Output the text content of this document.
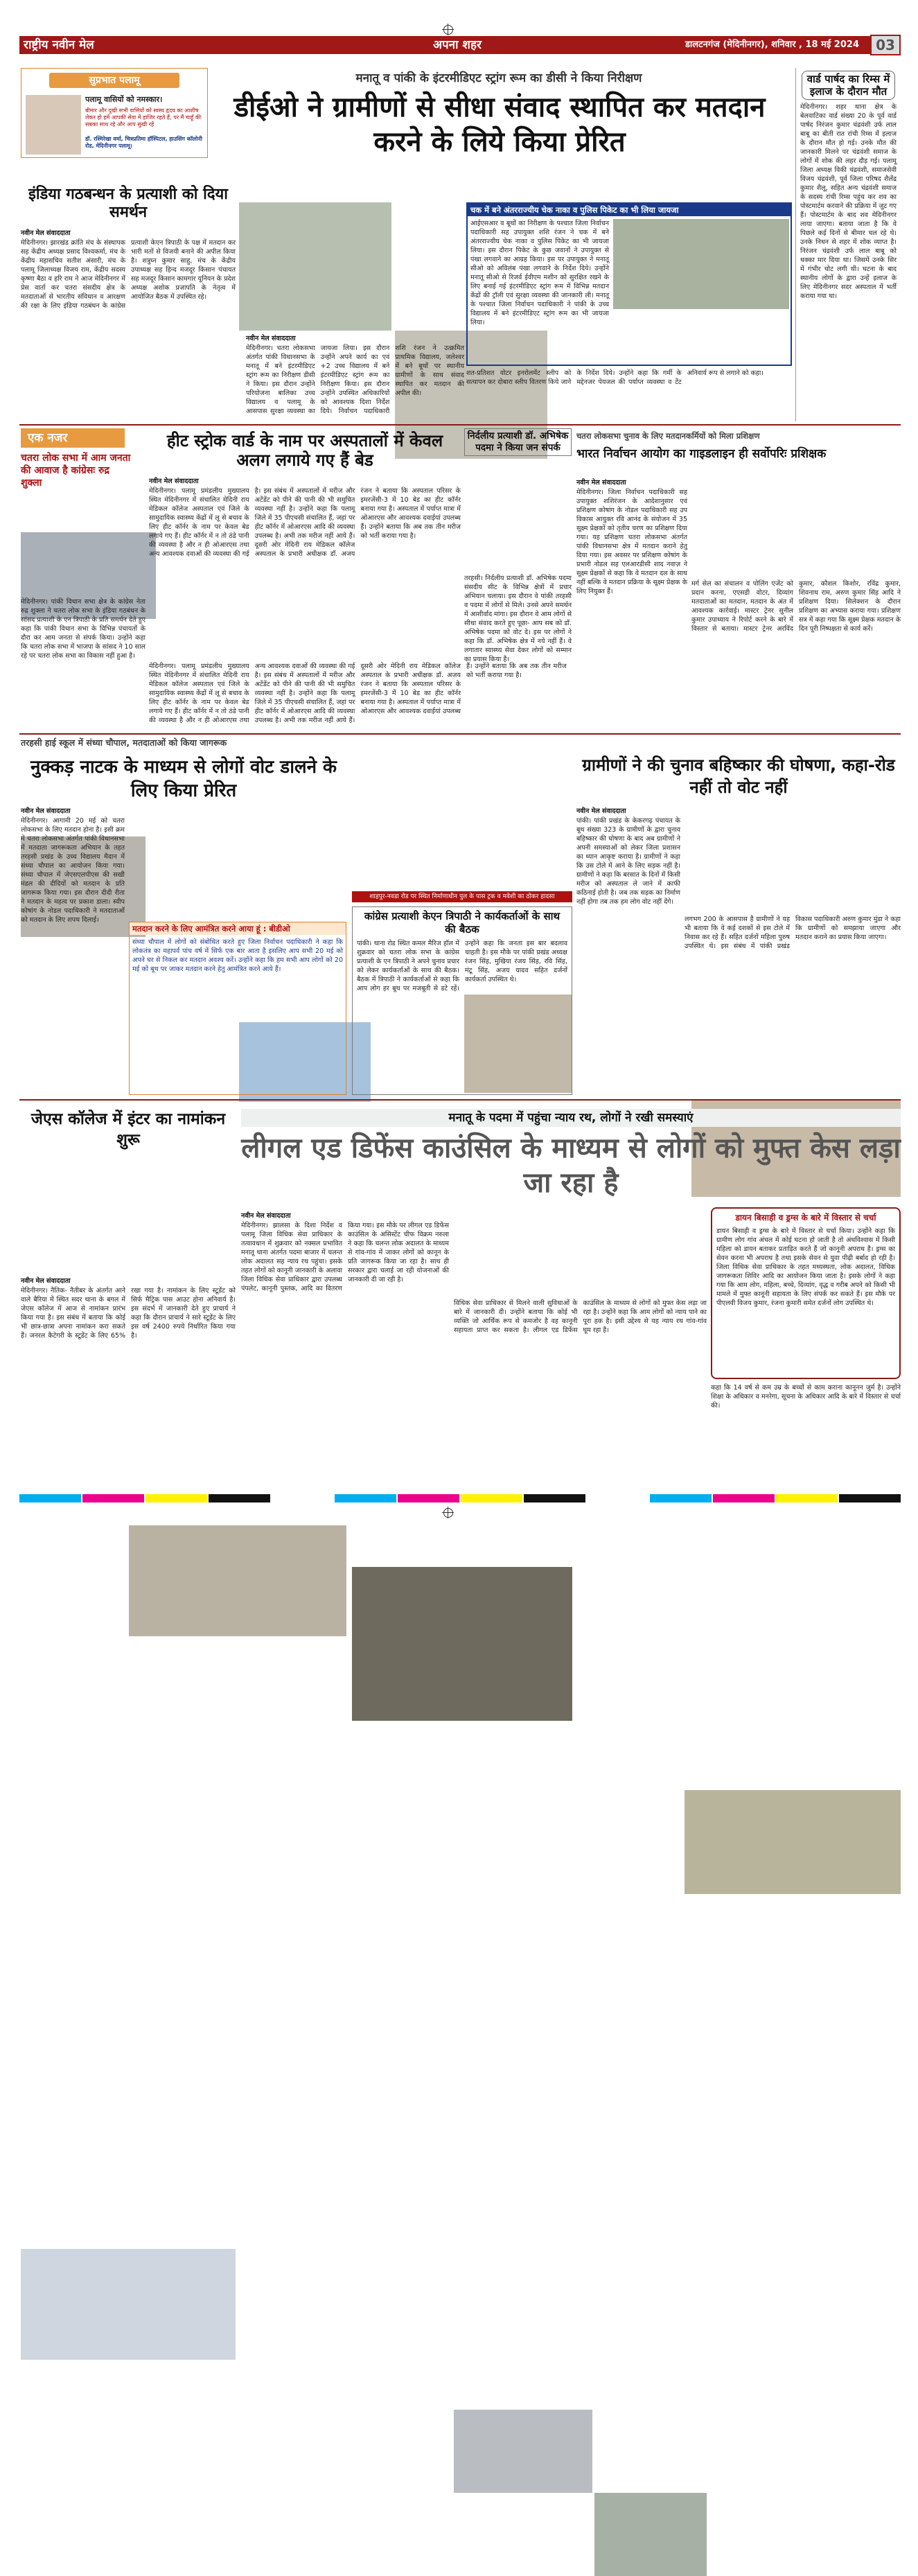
राष्ट्रीय नवीन मेल	अपना शहर	डालटनगंज (मेदिनीनगर), शनिवार , 18 मई 2024	03
सुप्रभात पलामू
पलामू वासियों को नमस्कार।
बीमार और दुखी सभी वासियों को स्वस्थ हृदय का आशीष लेकर हो हमें आपकी सेवा में हाजिर रहते हैं, पर मैं चाहूँ की सबका साथ रहे और आप सुखी रहें
डॉ. रश्मिरेखा वर्मा, चित्रप्रतिमा हॉस्पिटल, हाउसिंग कॉलोनी रोड, मेदिनीनगर पलामू।
मनातू व पांकी के इंटरमीडिएट स्ट्रांग रूम का डीसी ने किया निरीक्षण
डीईओ ने ग्रामीणों से सीधा संवाद स्थापित कर मतदान करने के लिये किया प्रेरित
नवीन मेल संवाददाता
मेदिनीनगर। चतरा लोकसभा अंतर्गत पांकी विधानसभा के मनातू में बने इंटरमीडिएट स्ट्रांग रूम का निरीक्षण डीसी ने किया। इस दौरान उन्होंने परियोजना बालिका उच्च विद्यालय व पलामू के आसपास सुरक्षा व्यवस्था का जायजा लिया। इस दौरान उन्होंने अपने कार्य का एवं +2 उच्च विद्यालय में बने इंटरमीडिएट स्ट्रांग रूम का निरीक्षण किया। इस दौरान उन्होंने उपस्थित अधिकारियों को आवश्यक दिशा निर्देश दिये। निर्वाचन पदाधिकारी शशि रंजन ने उत्क्रमित प्राथमिक विद्यालय, जलेश्वर में बने बूथों पर स्थानीय ग्रामीणों के साथ संवाद स्थापित कर मतदान की अपील की।
चक में बने अंतरराज्यीय चेक नाका व पुलिस पिकेट का भी लिया जायजा
आईएसआर व बूथों का निरीक्षण के पश्चात जिला निर्वाचन पदाधिकारी सह उपायुक्त शशि रंजन ने चक में बने अंतरराज्यीय चेक नाका व पुलिस पिकेट का भी जायजा लिया। इस दौरान पिकेट के कुछ जवानों ने उपायुक्त से पंखा लगवाने का आग्रह किया। इस पर उपायुक्त ने मनातू सीओ को अविलंब पंखा लगवाने के निर्देश दिये। उन्होंने मनातू सीओ से रिजर्व ईवीएम मशीन को सुरक्षित रखने के लिए बनाई गई इंटरमीडिएट स्ट्रांग रूम में विभिन्न मतदान केंद्रों की ट्रॉली एवं सुरक्षा व्यवस्था की जानकारी ली। मनातू के पश्चात जिला निर्वाचन पदाधिकारी ने पांकी के उच्च विद्यालय में बने इंटरमीडिएट स्ट्रांग रूम का भी जायजा लिया।
शत-प्रतिशत वोटर इनरोलमेंट स्लीप को सत्यापन कर दोबारा स्लीप वितरण किये जाने के निर्देश दिये। उन्होंने कहा कि गर्मी के मद्देनजर पेयजल की पर्याप्त व्यवस्था व टेंट अनिवार्य रूप से लगाने को कहा।
वार्ड पार्षद का रिम्स में इलाज के दौरान मौत
मेदिनीनगर। शहर थाना क्षेत्र के बेलवाटिका वार्ड संख्या 20 के पूर्व वार्ड पार्षद निरंजन कुमार चंद्रवंशी उर्फ लाल बाबू का बीती रात रांची रिम्स में इलाज के दौरान मौत हो गई। उनके मौत की जानकारी मिलने पर चंद्रवंशी समाज के लोगों में शोक की लहर दौड़ गई। पलामू जिला अध्यक्ष विकी चंद्रवंशी, समाजसेवी विजय चंद्रवंशी, पूर्व जिला परिषद शैलेंद्र कुमार शैलू, सहित अन्य चंद्रवंशी समाज के सदस्य रांची रिम्स पहुंच कर शव का पोस्टमार्टम करवाने की प्रक्रिया में जुट गए हैं। पोस्टमार्टम के बाद शव मेदिनीनगर लाया जाएगा। बताया जाता है कि वे पिछले कई दिनों से बीमार चल रहे थे। उनके निधन से शहर में शोक व्याप्त है। निरंजन चंद्रवंशी उर्फ लाल बाबू को धक्का मार दिया था। जिसमें उनके सिर में गंभीर चोट लगी थी। घटना के बाद स्थानीय लोगों के द्वारा उन्हें इलाज के लिए मेदिनीनगर सदर अस्पताल में भर्ती कराया गया था।
इंडिया गठबन्धन के प्रत्याशी को दिया समर्थन
नवीन मेल संवाददाता
मेदिनीनगर। झारखंड क्रांति मंच के संस्थापक सह केंद्रीय अध्यक्ष प्रसाद विश्वकर्मा, मंच के केंद्रीय महासचिव सतीश अंसारी, मंच के पलामू जिलाध्यक्ष विजय राम, केंद्रीय सदस्य कृष्णा बैठा व हरि राम ने आज मेदिनीनगर में प्रेस वार्ता कर चतरा संसदीय क्षेत्र के मतदाताओं से भारतीय संविधान व आरक्षण की रक्षा के लिए इंडिया गठबंधन के कांग्रेस प्रत्याशी केएन त्रिपाठी के पक्ष में मतदान कर भारी मतों से विजयी बनाने की अपील किया है। शत्रुघ्न कुमार साहु, मंच के केंद्रीय उपाध्यक्ष सह हिन्द मजदूर किसान पंचायत सह मजदूर किसान कामगार यूनियन के प्रदेश अध्यक्ष अशोक प्रजापति के नेतृत्व में आयोजित बैठक में उपस्थित रहे।
एक नजर
चतरा लोक सभा में आम जनता की आवाज है कांग्रेसः रुद्र शुक्ला
मेदिनीनगर। पांकी विधान सभा क्षेत्र के कांग्रेस नेता रुद्र शुक्ला ने चतरा लोक सभा के इंडिया गठबंधन के सांसद प्रत्याशी के एन त्रिपाठी के प्रति समर्थन देते हुए कहा कि पांकी विधान सभा के विभिन्न पंचायतों के दौरा कर आम जनता से संपर्क किया। उन्होंने कहा कि चतरा लोक सभा में भाजपा के सांसद ने 10 साल रहे पर चतरा लोक सभा का विकास नहीं हुआ है।
हीट स्ट्रोक वार्ड के नाम पर अस्पतालों में केवल अलग लगाये गए हैं बेड
नवीन मेल संवाददाता
मेदिनीनगर। पलामू प्रमंडलीय मुख्यालय स्थित मेदिनीनगर में संचालित मेदिनी राय मेडिकल कॉलेज अस्पताल एवं जिले के सामुदायिक स्वास्थ्य केंद्रों में लू से बचाव के लिए हीट कॉर्नर के नाम पर केवल बेड लगाये गए हैं। हीट कॉर्नर में न तो ठंडे पानी की व्यवस्था है और न ही ओआरएस तथा अन्य आवश्यक दवाओं की व्यवस्था की गई है। इस संबंध में अस्पतालों में मरीज और अटेंडेंट को पीने की पानी की भी समुचित व्यवस्था नहीं है। उन्होंने कहा कि पलामू जिले में 35 पीएचसी संचालित हैं, जहां पर हीट कॉर्नर में ओआरएस आदि की व्यवस्था उपलब्ध है। अभी तक मरीज नहीं आये हैं। दूसरी ओर मेदिनी राय मेडिकल कॉलेज अस्पताल के प्रभारी अधीक्षक डॉ. अजय रंजन ने बताया कि अस्पताल परिसर के इमरजेंसी-3 में 10 बेड का हीट कॉर्नर बनाया गया है। अस्पताल में पर्याप्त मात्रा में ओआरएस और आवश्यक दवाईयां उपलब्ध हैं। उन्होंने बताया कि अब तक तीन मरीज को भर्ती कराया गया है।
मेदिनीनगर। पलामू प्रमंडलीय मुख्यालय स्थित मेदिनीनगर में संचालित मेदिनी राय मेडिकल कॉलेज अस्पताल एवं जिले के सामुदायिक स्वास्थ्य केंद्रों में लू से बचाव के लिए हीट कॉर्नर के नाम पर केवल बेड लगाये गए हैं। हीट कॉर्नर में न तो ठंडे पानी की व्यवस्था है और न ही ओआरएस तथा अन्य आवश्यक दवाओं की व्यवस्था की गई है। इस संबंध में अस्पतालों में मरीज और अटेंडेंट को पीने की पानी की भी समुचित व्यवस्था नहीं है। उन्होंने कहा कि पलामू जिले में 35 पीएचसी संचालित हैं, जहां पर हीट कॉर्नर में ओआरएस आदि की व्यवस्था उपलब्ध है। अभी तक मरीज नहीं आये हैं। दूसरी ओर मेदिनी राय मेडिकल कॉलेज अस्पताल के प्रभारी अधीक्षक डॉ. अजय रंजन ने बताया कि अस्पताल परिसर के इमरजेंसी-3 में 10 बेड का हीट कॉर्नर बनाया गया है। अस्पताल में पर्याप्त मात्रा में ओआरएस और आवश्यक दवाईयां उपलब्ध हैं। उन्होंने बताया कि अब तक तीन मरीज को भर्ती कराया गया है।
निर्दलीय प्रत्याशी डॉ. अभिषेक पदमा ने किया जन संपर्क
तरहसी। निर्दलीय प्रत्याशी डॉ. अभिषेक पदमा संसदीय सीट के विभिन्न क्षेत्रों में प्रचार अभियान चलाया। इस दौरान वे पांकी तरहसी व पदमा में लोगों से मिले। उनसे अपने समर्थन में आशीर्वाद मांगा। इस दौरान वे आम लोगों से सीधा संवाद करते हुए पूछा- आप सब को डॉ. अभिषेक पदमा को वोट दे। इस पर लोगों ने कहा कि डॉ. अभिषेक क्षेत्र में नये नहीं हैं। वे लगातार स्वास्थ्य सेवा देकर लोगों को सम्मान का प्रयास किया है।
चतरा लोकसभा चुनाव के लिए मतदानकर्मियों को मिला प्रशिक्षण
भारत निर्वाचन आयोग का गाइडलाइन ही सर्वोपरिः प्रशिक्षक
नवीन मेल संवाददाता
मेदिनीनगर। जिला निर्वाचन पदाधिकारी सह उपायुक्त शशिरंजन के आदेशानुसार एवं प्रशिक्षण कोषांग के नोडल पदाधिकारी सह उप विकास आयुक्त रवि आनंद के संयोजन में 35 सूक्ष्म प्रेक्षकों को तृतीय चरण का प्रशिक्षण दिया गया। यह प्रशिक्षण चतरा लोकसभा अंतर्गत पांकी विधानसभा क्षेत्र में मतदान कराने हेतु दिया गया। इस अवसर पर प्रशिक्षण कोषांग के प्रभारी नोडल सह एलआरडीसी शाद नवाज़ ने सूक्ष्म प्रेक्षकों से कहा कि वे मतदान दल के साथ नहीं बल्कि वे मतदान प्रक्रिया के सूक्ष्म प्रेक्षक के लिए नियुक्त हैं।
मर्ग सेल का संचालन व पोलिंग एजेंट को प्रदान करना, एएसडी वोटर, दिव्यांग मतदाताओं का मतदान, मतदान के अंत में आवश्यक कार्रवाई। मास्टर ट्रेनर सुनील कुमार उपाध्याय ने रिपोर्ट करने के बारे में विस्तार से बताया। मास्टर ट्रेनर अरविंद कुमार, कौशल किशोर, रविंद्र कुमार, शिवनाथ राम, अरुण कुमार सिंह आदि ने प्रशिक्षण दिया। सिलेक्शन के दौरान प्रशिक्षण का अभ्यास कराया गया। प्रशिक्षण सत्र में कहा गया कि सूक्ष्म प्रेक्षक मतदान के दिन पूरी निष्पक्षता से कार्य करें।
तरहसी हाई स्कूल में संध्या चौपाल, मतदाताओं को किया जागरूक
नुक्कड़ नाटक के माध्यम से लोगों वोट डालने के लिए किया प्रेरित
नवीन मेल संवाददाता
मेदिनीनगर। आगामी 20 मई को चतरा लोकसभा के लिए मतदान होना है। इसी क्रम में चतरा लोकसभा अंतर्गत पांकी विधानसभा में मतदाता जागरूकता अभियान के तहत तरहसी प्रखंड के उच्च विद्यालय मैदान में संध्या चौपाल का आयोजन किया गया। संध्या चौपाल में जेएसएलपीएस की सखी मंडल की दीदियों को मतदान के प्रति जागरूक किया गया। इस दौरान दीदी रीता ने मतदान के महत्व पर प्रकाश डाला। स्वीप कोषांग के नोडल पदाधिकारी ने मतदाताओं को मतदान के लिए शपथ दिलाई।
मतदान करने के लिए आमंत्रित करने आया हूं : बीडीओ
संध्या चौपाल में लोगों को संबोधित करते हुए जिला निर्वाचन पदाधिकारी ने कहा कि लोकतंत्र का महापर्व पांच वर्ष में सिर्फ एक बार आता है इसलिए आप सभी 20 मई को अपने घर से निकल कर मतदान अवश्य करें। उन्होंने कहा कि हम सभी आप लोगों को 20 मई को बूथ पर जाकर मतदान करने हेतु आमंत्रित करने आये हैं।
शाहपुर-नवडा रोड पर स्थित निर्माणाधीन पुल के पास ट्रक व मवेशी का ठोकर हादसा
कांग्रेस प्रत्याशी केएन त्रिपाठी ने कार्यकर्ताओं के साथ की बैठक
पांकी। थाना रोड स्थित कमल मैरिज हॉल में शुक्रवार को चतरा लोक सभा के कांग्रेस प्रत्याशी के एन त्रिपाठी ने अपने चुनाव प्रचार को लेकर कार्यकर्ताओं के साथ की बैठक। बैठक में त्रिपाठी ने कार्यकर्ताओं से कहा कि आप लोग हर बूथ पर मजबूती से डटे रहें। उन्होंने कहा कि जनता इस बार बदलाव चाहती है। इस मौके पर पांकी प्रखंड अध्यक्ष रंजन सिंह, मुखिया रंजय सिंह, रवि सिंह, मंटू सिंह, अजय यादव सहित दर्जनों कार्यकर्ता उपस्थित थे।
ग्रामीणों ने की चुनाव बहिष्कार की घोषणा, कहा-रोड नहीं तो वोट नहीं
नवीन मेल संवाददाता
पांकी। पांकी प्रखंड के केकरगढ़ पंचायत के बूथ संख्या 323 के ग्रामीणों के द्वारा चुनाव बहिष्कार की घोषणा के बाद अब ग्रामीणों ने अपनी समस्याओं को लेकर जिला प्रशासन का ध्यान आकृष्ट कराया है। ग्रामीणों ने कहा कि उस टोले में आने के लिए सड़क नहीं है। ग्रामीणों ने कहा कि बरसात के दिनों में किसी मरीज को अस्पताल ले जाने में काफी कठिनाई होती है। जब तक सड़क का निर्माण नहीं होगा तब तक हम लोग वोट नहीं देंगे।
लगभग 200 के आसपास है ग्रामीणों ने यह भी बताया कि वे कई दशकों से इस टोले में निवास कर रहे हैं। सहित दर्जनों महिला पुरुष उपस्थित थे। इस संबंध में पांकी प्रखंड विकास पदाधिकारी अरुण कुमार मुंडा ने कहा कि ग्रामीणों को समझाया जाएगा और मतदान कराने का प्रयास किया जाएगा।
जेएस कॉलेज में इंटर का नामांकन शुरू
नवीन मेल संवाददाता
मेदिनीनगर। नैतिक- नैतीबर के अंतर्गत आने वाले बैरिया में स्थित सदर थाना के बगल में जेएस कॉलेज में आज से नामांकन प्रारंभ किया गया है। इस संबंध में बताया कि कोई भी छात्र-छात्रा अपना नामांकन करा सकते हैं। जनरल कैटेगरी के स्टूडेंट के लिए 65% रखा गया है। नामांकन के लिए स्टूडेंट को सिर्फ मैट्रिक पास आउट होना अनिवार्य है। इस संदर्भ में जानकारी देते हुए प्राचार्य ने कहा कि दौरान प्राचार्य ने सारे स्टूडेंट के लिए इस वर्ष 2400 रुपये निर्धारित किया गया है।
मनातू के पदमा में पहुंचा न्याय रथ, लोगों ने रखी समस्याएं
लीगल एड डिफेंस काउंसिल के माध्यम से लोगों को मुफ्त केस लड़ा जा रहा है
नवीन मेल संवाददाता
मेदिनीनगर। झालसा के दिशा निर्देश व पलामू जिला विधिक सेवा प्राधिकार के तत्वावधान में शुक्रवार को नक्सल प्रभावित मनातू थाना अंतर्गत पदमा बाजार में चलन्त लोक अदालत सह न्याय रथ पहुंचा। इसके तहत लोगों को कानूनी जानकारी के अलावा जिला विधिक सेवा प्राधिकार द्वारा उपलब्ध पंपलेट, कानूनी पुस्तक, आदि का वितरण किया गया। इस मौके पर लीगल एड डिफेंस काउंसिल के असिस्टेंट चीफ विक्रम नरुला ने कहा कि चलन्त लोक अदालत के माध्यम से गांव-गांव में जाकर लोगों को कानून के प्रति जागरूक किया जा रहा है। साथ ही सरकार द्वारा चलाई जा रही योजनाओं की जानकारी दी जा रही है।
विधिक सेवा प्राधिकार से मिलने वाली सुविधाओं के बारे में जानकारी दी। उन्होंने बताया कि कोई भी व्यक्ति जो आर्थिक रूप से कमजोर है वह कानूनी सहायता प्राप्त कर सकता है। लीगल एड डिफेंस काउंसिल के माध्यम से लोगों को मुफ्त केस लड़ा जा रहा है। उन्होंने कहा कि आम लोगों को न्याय पाने का पूरा हक है। इसी उद्देश्य से यह न्याय रथ गांव-गांव घूम रहा है।
डायन बिसाही व ड्रग्स के बारे में विस्तार से चर्चा
डायन बिसाही व ड्रग्स के बारे में विस्तार से चर्चा किया। उन्होंने कहा कि ग्रामीण लोग गांव अंचल में कोई घटना हो जाती है तो अंधविश्वास में किसी महिला को डायन बताकर प्रताड़ित करते हैं जो कानूनी अपराध है। ड्रग्स का सेवन करना भी अपराध है तथा इसके सेवन से युवा पीढ़ी बर्बाद हो रही है। जिला विधिक सेवा प्राधिकार के तहत मध्यस्थता, लोक अदालत, विधिक जागरूकता शिविर आदि का आयोजन किया जाता है। इसके लोगों ने कहा गया कि आम लोग, महिला, बच्चे, दिव्यांग, वृद्ध व गरीब अपने को किसी भी मामले में मुफ्त कानूनी सहायता के लिए संपर्क कर सकते हैं। इस मौके पर पीएलवी विजय कुमार, रंजना कुमारी समेत दर्जनों लोग उपस्थित थे।
कहा कि 14 वर्ष से कम उम्र के बच्चों से काम कराना कानूनन जुर्म है। उन्होंने शिक्षा के अधिकार व मनरेगा, सूचना के अधिकार आदि के बारे में विस्तार से चर्चा की।
